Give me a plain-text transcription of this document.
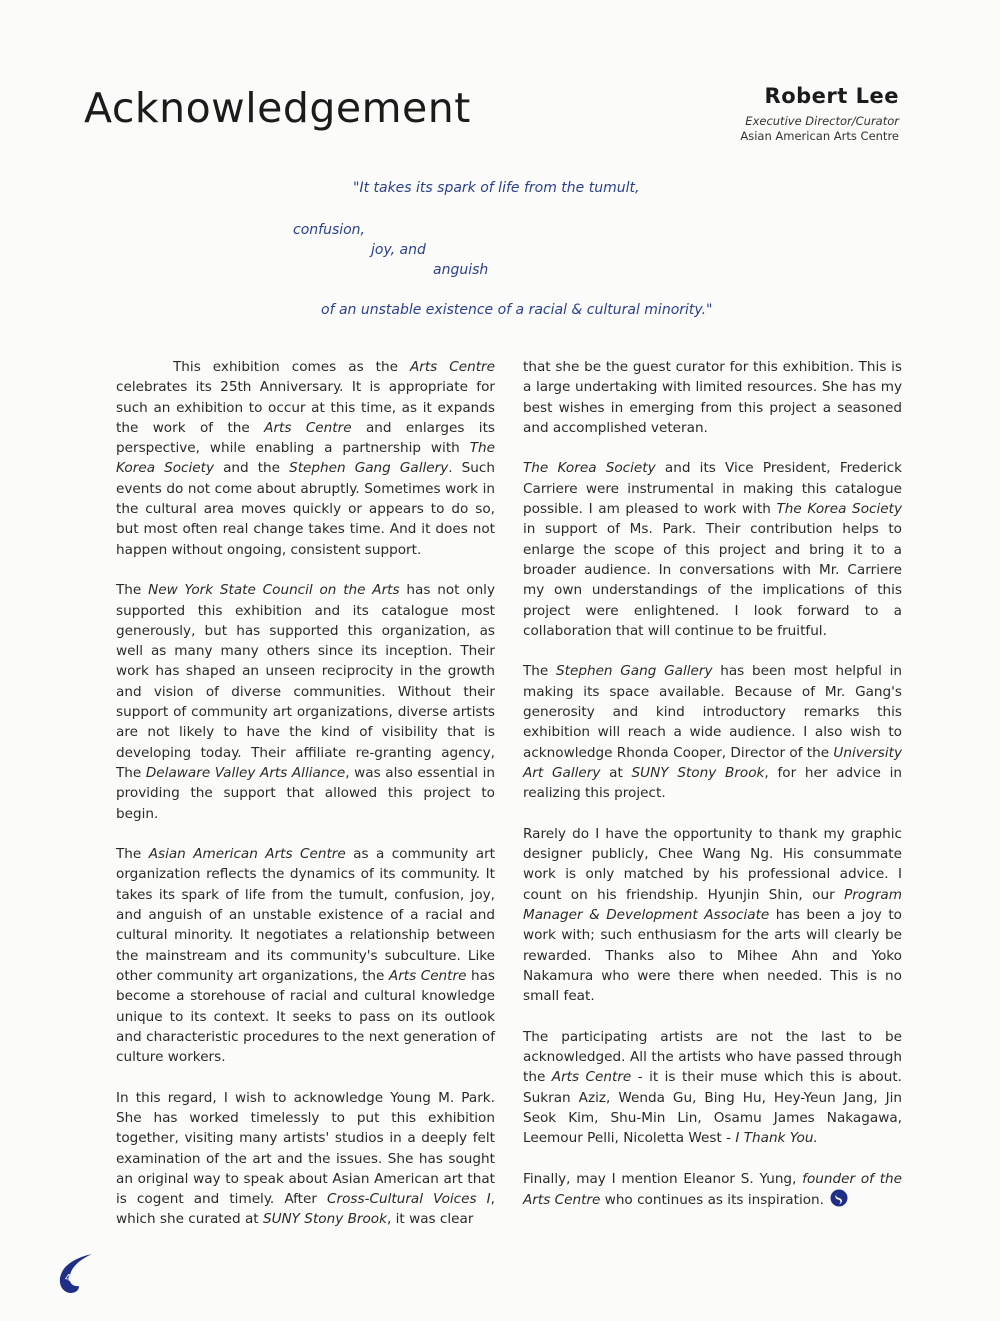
Acknowledgement	Robert Lee
Executive Director/Curator
Asian American Arts Centre
"It takes its spark of life from the tumult,
confusion,
joy, and
anguish
of an unstable existence of a racial & cultural minority."

This exhibition comes as the Arts Centre celebrates its 25th Anniversary. It is appropriate for such an exhibition to occur at this time, as it expands the work of the Arts Centre and enlarges its perspective, while enabling a partnership with The Korea Society and the Stephen Gang Gallery. Such events do not come about abruptly. Sometimes work in the cultural area moves quickly or appears to do so, but most often real change takes time. And it does not happen without ongoing, consistent support.

The New York State Council on the Arts has not only supported this exhibition and its catalogue most generously, but has supported this organization, as well as many many others since its inception. Their work has shaped an unseen reciprocity in the growth and vision of diverse communities. Without their support of community art organizations, diverse artists are not likely to have the kind of visibility that is developing today. Their affiliate re-granting agency, The Delaware Valley Arts Alliance, was also essential in providing the support that allowed this project to begin.

The Asian American Arts Centre as a community art organization reflects the dynamics of its community. It takes its spark of life from the tumult, confusion, joy, and anguish of an unstable existence of a racial and cultural minority. It negotiates a relationship between the mainstream and its community's subculture. Like other community art organizations, the Arts Centre has become a storehouse of racial and cultural knowledge unique to its context. It seeks to pass on its outlook and characteristic procedures to the next generation of culture workers.

In this regard, I wish to acknowledge Young M. Park. She has worked timelessly to put this exhibition together, visiting many artists' studios in a deeply felt examination of the art and the issues. She has sought an original way to speak about Asian American art that is cogent and timely. After Cross-Cultural Voices I, which she curated at SUNY Stony Brook, it was clear

that she be the guest curator for this exhibition. This is a large undertaking with limited resources. She has my best wishes in emerging from this project a seasoned and accomplished veteran.

The Korea Society and its Vice President, Frederick Carriere were instrumental in making this catalogue possible. I am pleased to work with The Korea Society in support of Ms. Park. Their contribution helps to enlarge the scope of this project and bring it to a broader audience. In conversations with Mr. Carriere my own understandings of the implications of this project were enlightened. I look forward to a collaboration that will continue to be fruitful.

The Stephen Gang Gallery has been most helpful in making its space available. Because of Mr. Gang's generosity and kind introductory remarks this exhibition will reach a wide audience. I also wish to acknowledge Rhonda Cooper, Director of the University Art Gallery at SUNY Stony Brook, for her advice in realizing this project.

Rarely do I have the opportunity to thank my graphic designer publicly, Chee Wang Ng. His consummate work is only matched by his professional advice. I count on his friendship. Hyunjin Shin, our Program Manager & Development Associate has been a joy to work with; such enthusiasm for the arts will clearly be rewarded. Thanks also to Mihee Ahn and Yoko Nakamura who were there when needed. This is no small feat.

The participating artists are not the last to be acknowledged. All the artists who have passed through the Arts Centre - it is their muse which this is about. Sukran Aziz, Wenda Gu, Bing Hu, Hey-Yeun Jang, Jin Seok Kim, Shu-Min Lin, Osamu James Nakagawa, Leemour Pelli, Nicoletta West - I Thank You.

Finally, may I mention Eleanor S. Yung, founder of the Arts Centre who continues as its inspiration.

4
